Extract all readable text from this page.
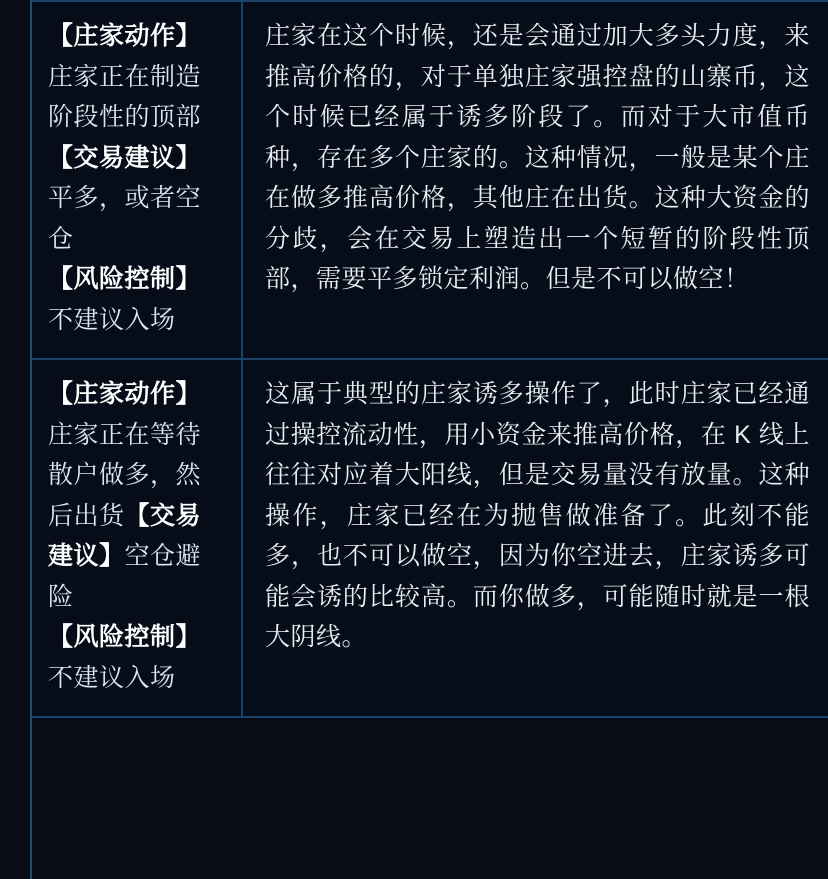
【庄家动作】庄家正在制造阶段性的顶部【交易建议】平多，或者空仓【风险控制】不建议入场	庄家在这个时候，还是会通过加大多头力度，来推高价格的，对于单独庄家强控盘的山寨币，这个时候已经属于诱多阶段了。而对于大市值币种，存在多个庄家的。这种情况，一般是某个庄在做多推高价格，其他庄在出货。这种大资金的分歧，会在交易上塑造出一个短暂的阶段性顶部，需要平多锁定利润。但是不可以做空！

【庄家动作】庄家正在等待散户做多，然后出货【交易建议】空仓避险【风险控制】不建议入场	这属于典型的庄家诱多操作了，此时庄家已经通过操控流动性，用小资金来推高价格，在 K 线上往往对应着大阳线，但是交易量没有放量。这种操作，庄家已经在为抛售做准备了。此刻不能多，也不可以做空，因为你空进去，庄家诱多可能会诱的比较高。而你做多，可能随时就是一根大阴线。
